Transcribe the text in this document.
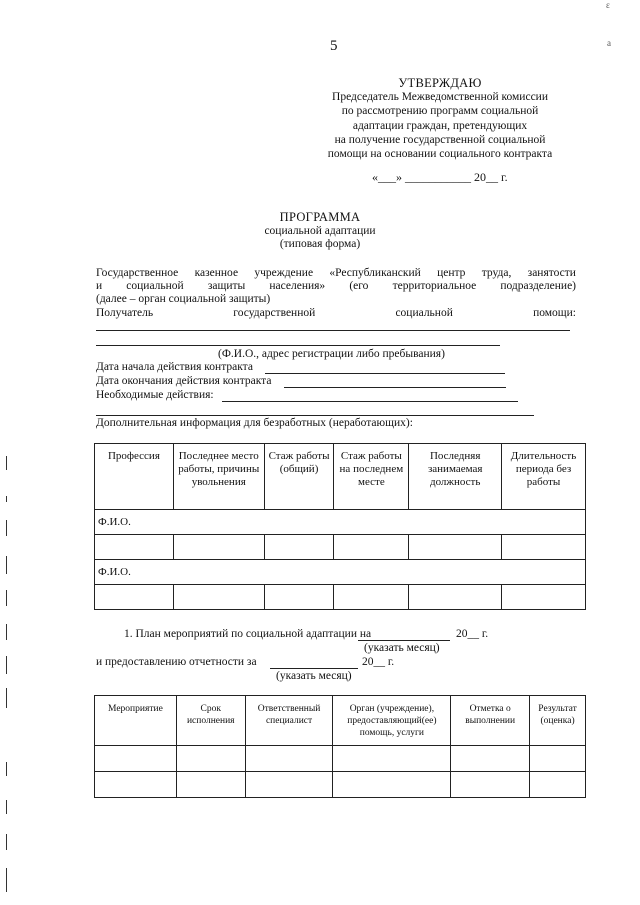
5
ε
a
УТВЕРЖДАЮ
Председатель Межведомственной комиссии
по рассмотрению программ социальной
адаптации граждан, претендующих
на получение государственной социальной
помощи на основании социального контракта
«___» ___________ 20__ г.
ПРОГРАММА
социальной адаптации
(типовая форма)
Государственное казенное учреждение «Республиканский центр труда, занятости
и социальной защиты населения» (его территориальное подразделение)
(далее – орган социальной защиты)
Получатель	государственной	социальной	помощи:
(Ф.И.О., адрес регистрации либо пребывания)
Дата начала действия контракта
Дата окончания действия контракта
Необходимые действия:
Дополнительная информация для безработных (неработающих):
Профессия	Последнее место работы, причины увольнения	Стаж работы (общий)	Стаж работы на последнем месте	Последняя занимаемая должность	Длительность периода без работы
Ф.И.О.					

Ф.И.О.					

1. План мероприятий по социальной адаптации на	20__ г.
(указать месяц)
и предоставлению отчетности за	20__ г.
(указать месяц)
Мероприятие	Срок исполнения	Ответственный специалист	Орган (учреждение), предоставляющий(ее) помощь, услуги	Отметка о выполнении	Результат (оценка)
